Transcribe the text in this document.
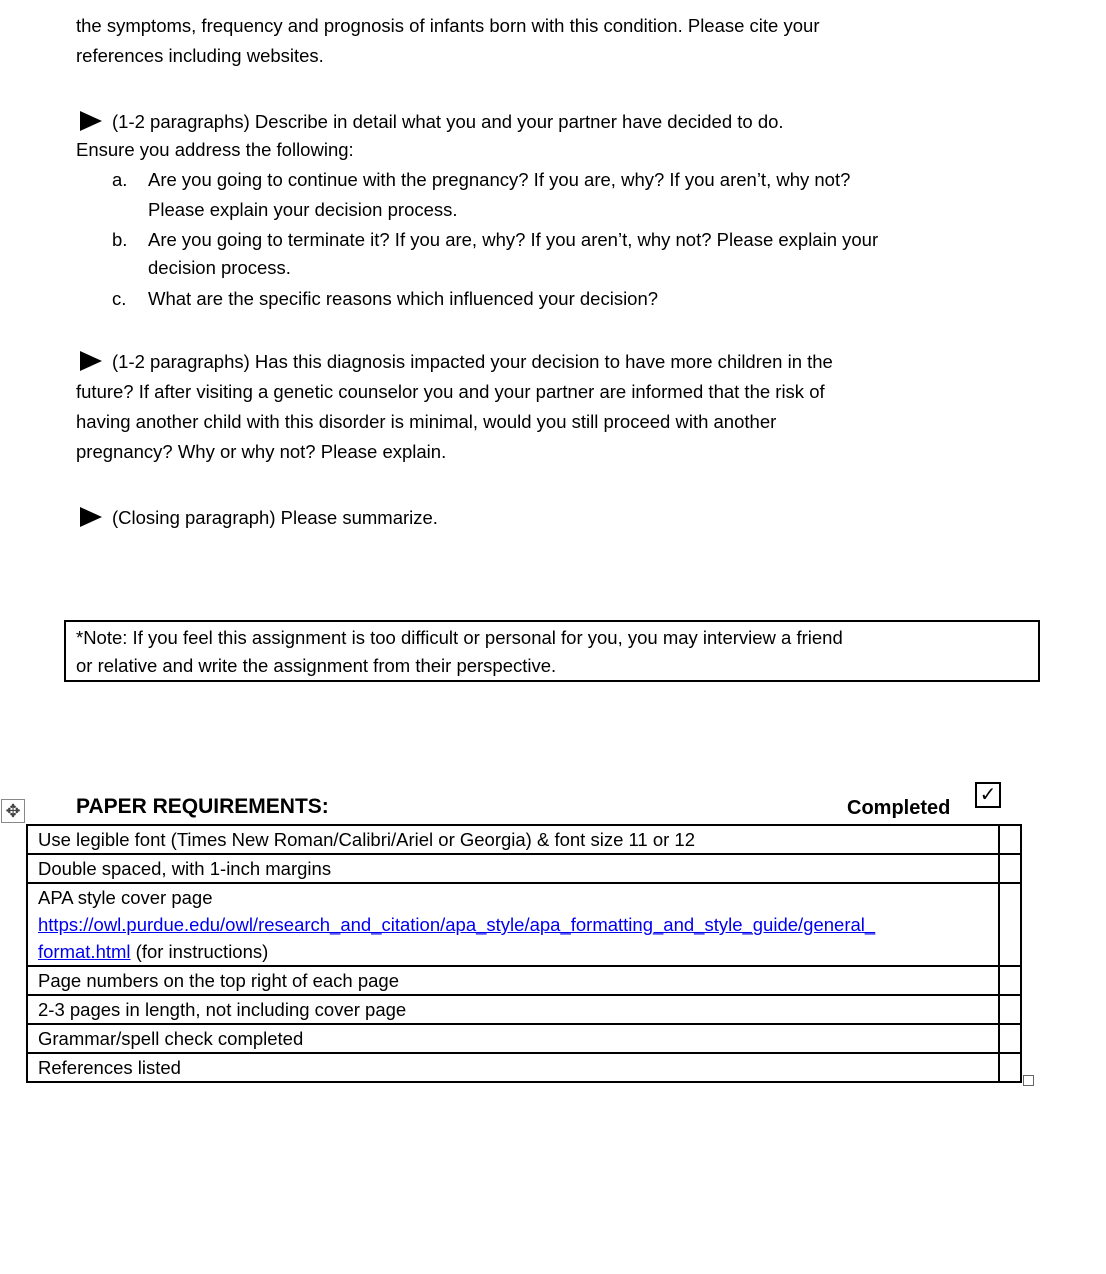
the symptoms, frequency and prognosis of infants born with this condition. Please cite your
references including websites.
(1-2 paragraphs) Describe in detail what you and your partner have decided to do.
Ensure you address the following:
a. Are you going to continue with the pregnancy? If you are, why? If you aren’t, why not?
Please explain your decision process.
b. Are you going to terminate it? If you are, why? If you aren’t, why not? Please explain your
decision process.
c. What are the specific reasons which influenced your decision?
(1-2 paragraphs) Has this diagnosis impacted your decision to have more children in the
future? If after visiting a genetic counselor you and your partner are informed that the risk of
having another child with this disorder is minimal, would you still proceed with another
pregnancy? Why or why not? Please explain.
(Closing paragraph) Please summarize.
*Note: If you feel this assignment is too difficult or personal for you, you may interview a friend
or relative and write the assignment from their perspective.
✥	PAPER REQUIREMENTS:	Completed
✓
Use legible font (Times New Roman/Calibri/Ariel or Georgia) & font size 11 or 12	
Double spaced, with 1-inch margins	

APA style cover page
https://owl.purdue.edu/owl/research_and_citation/apa_style/apa_formatting_and_style_guide/general_
format.html (for instructions)	

Page numbers on the top right of each page	
2-3 pages in length, not including cover page	
Grammar/spell check completed	
References listed	
